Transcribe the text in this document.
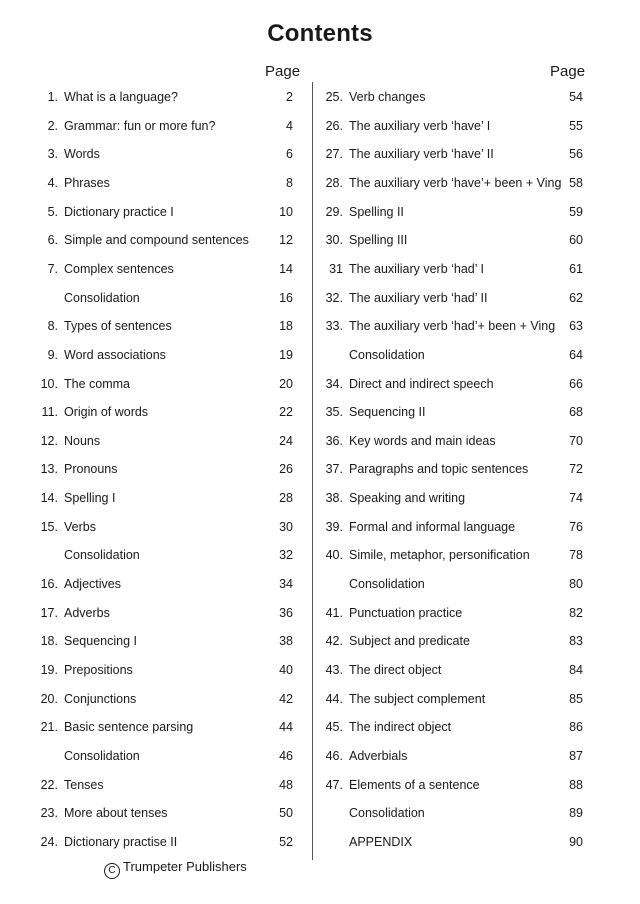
Contents
Page	Page
1. What is a language?	2
2. Grammar: fun or more fun?	4
3. Words	6
4. Phrases	8
5. Dictionary practice I	10
6. Simple and compound sentences	12
7. Complex sentences	14
Consolidation	16
8. Types of sentences	18
9. Word associations	19
10. The comma	20
11. Origin of words	22
12. Nouns	24
13. Pronouns	26
14. Spelling I	28
15. Verbs	30
Consolidation	32
16. Adjectives	34
17. Adverbs	36
18. Sequencing I	38
19. Prepositions	40
20. Conjunctions	42
21. Basic sentence parsing	44
Consolidation	46
22. Tenses	48
23. More about tenses	50
24. Dictionary practise II	52
25. Verb changes	54
26. The auxiliary verb ‘have’ I	55
27. The auxiliary verb ‘have’ II	56
28. The auxiliary verb ‘have’+ been + Ving 58
29. Spelling II	59
30. Spelling III	60
31 The auxiliary verb ‘had’ I	61
32. The auxiliary verb ‘had’ II	62
33. The auxiliary verb ‘had’+ been + Ving	63
Consolidation	64
34. Direct and indirect speech	66
35. Sequencing II	68
36. Key words and main ideas	70
37. Paragraphs and topic sentences	72
38. Speaking and writing	74
39. Formal and informal language	76
40. Simile, metaphor, personification	78
Consolidation	80
41. Punctuation practice	82
42. Subject and predicate	83
43. The direct object	84
44. The subject complement	85
45. The indirect object	86
46. Adverbials	87
47. Elements of a sentence	88
Consolidation	89
APPENDIX	90
C Trumpeter Publishers
